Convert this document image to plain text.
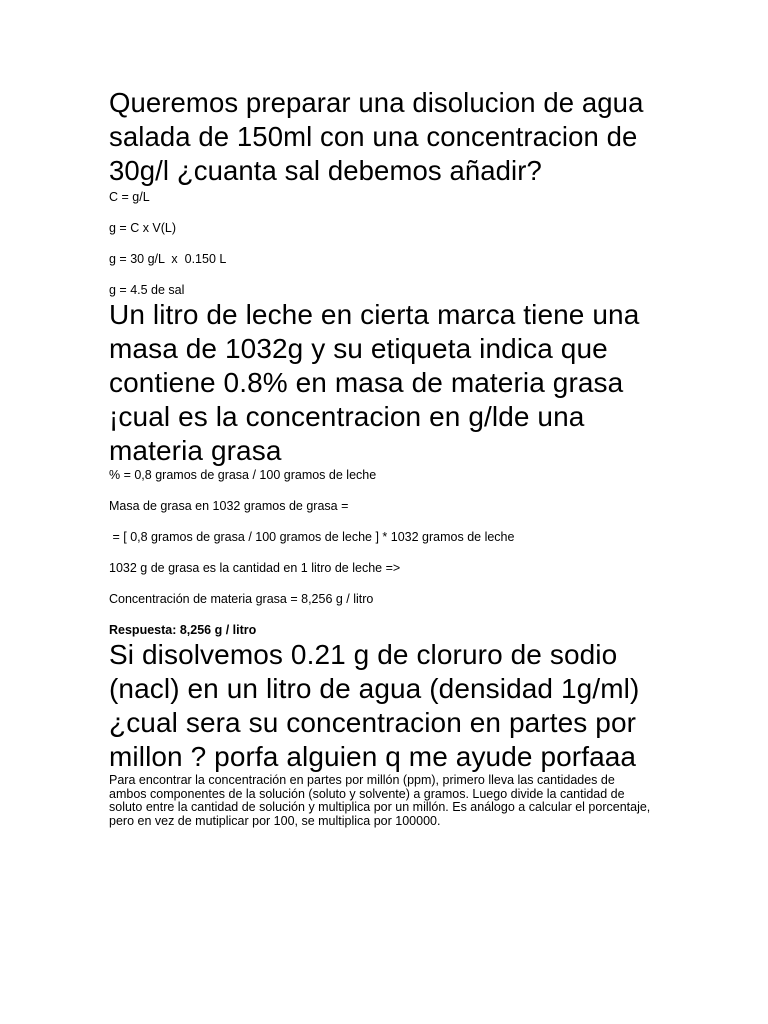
Queremos preparar una disolucion de agua salada de 150ml con una concentracion de 30g/l ¿cuanta sal debemos añadir?

C = g/L

g = C x V(L)

g = 30 g/L  x  0.150 L

g = 4.5 de sal

Un litro de leche en cierta marca tiene una masa de 1032g y su etiqueta indica que contiene 0.8% en masa de materia grasa ¡cual es la concentracion en g/lde una materia grasa

% = 0,8 gramos de grasa / 100 gramos de leche

Masa de grasa en 1032 gramos de grasa =

= [ 0,8 gramos de grasa / 100 gramos de leche ] * 1032 gramos de leche

1032 g de grasa es la cantidad en 1 litro de leche =>

Concentración de materia grasa = 8,256 g / litro

Respuesta: 8,256 g / litro

Si disolvemos 0.21 g de cloruro de sodio (nacl) en un litro de agua (densidad 1g/ml) ¿cual sera su concentracion en partes por millon ? porfa alguien q me ayude porfaaa

Para encontrar la concentración en partes por millón (ppm), primero lleva las cantidades de ambos componentes de la solución (soluto y solvente) a gramos. Luego divide la cantidad de soluto entre la cantidad de solución y multiplica por un millón. Es análogo a calcular el porcentaje, pero en vez de mutiplicar por 100, se multiplica por 100000.
